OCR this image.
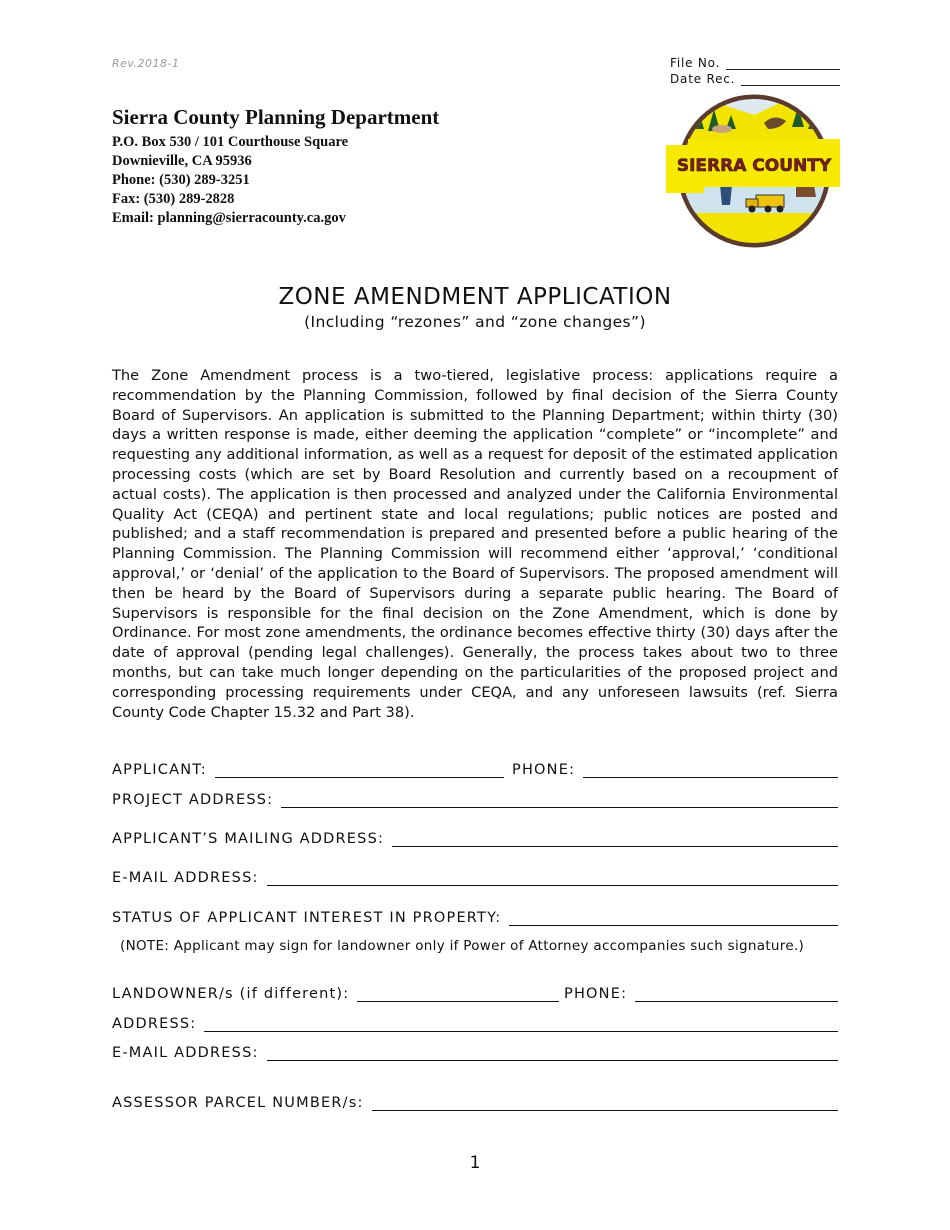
Rev.2018-1	File No.
Date Rec.
Sierra County Planning Department
P.O. Box 530 / 101 Courthouse Square
Downieville, CA 95936
Phone: (530) 289-3251
Fax: (530) 289-2828
Email: planning@sierracounty.ca.gov
SIERRA COUNTY
ZONE AMENDMENT APPLICATION
(Including “rezones” and “zone changes”)
The Zone Amendment process is a two-tiered, legislative process: applications require a recommendation by the Planning Commission, followed by final decision of the Sierra County Board of Supervisors. An application is submitted to the Planning Department; within thirty (30) days a written response is made, either deeming the application “complete” or “incomplete” and requesting any additional information, as well as a request for deposit of the estimated application processing costs (which are set by Board Resolution and currently based on a recoupment of actual costs). The application is then processed and analyzed under the California Environmental Quality Act (CEQA) and pertinent state and local regulations; public notices are posted and published; and a staff recommendation is prepared and presented before a public hearing of the Planning Commission. The Planning Commission will recommend either ‘approval,’ ‘conditional approval,’ or ‘denial’ of the application to the Board of Supervisors. The proposed amendment will then be heard by the Board of Supervisors during a separate public hearing. The Board of Supervisors is responsible for the final decision on the Zone Amendment, which is done by Ordinance. For most zone amendments, the ordinance becomes effective thirty (30) days after the date of approval (pending legal challenges). Generally, the process takes about two to three months, but can take much longer depending on the particularities of the proposed project and corresponding processing requirements under CEQA, and any unforeseen lawsuits (ref. Sierra County Code Chapter 15.32 and Part 38).
APPLICANT:	PHONE:
PROJECT ADDRESS:
APPLICANT’S MAILING ADDRESS:
E-MAIL ADDRESS:
STATUS OF APPLICANT INTEREST IN PROPERTY:
(NOTE: Applicant may sign for landowner only if Power of Attorney accompanies such signature.)
LANDOWNER/s (if different):	PHONE:
ADDRESS:
E-MAIL ADDRESS:
ASSESSOR PARCEL NUMBER/s:
1
